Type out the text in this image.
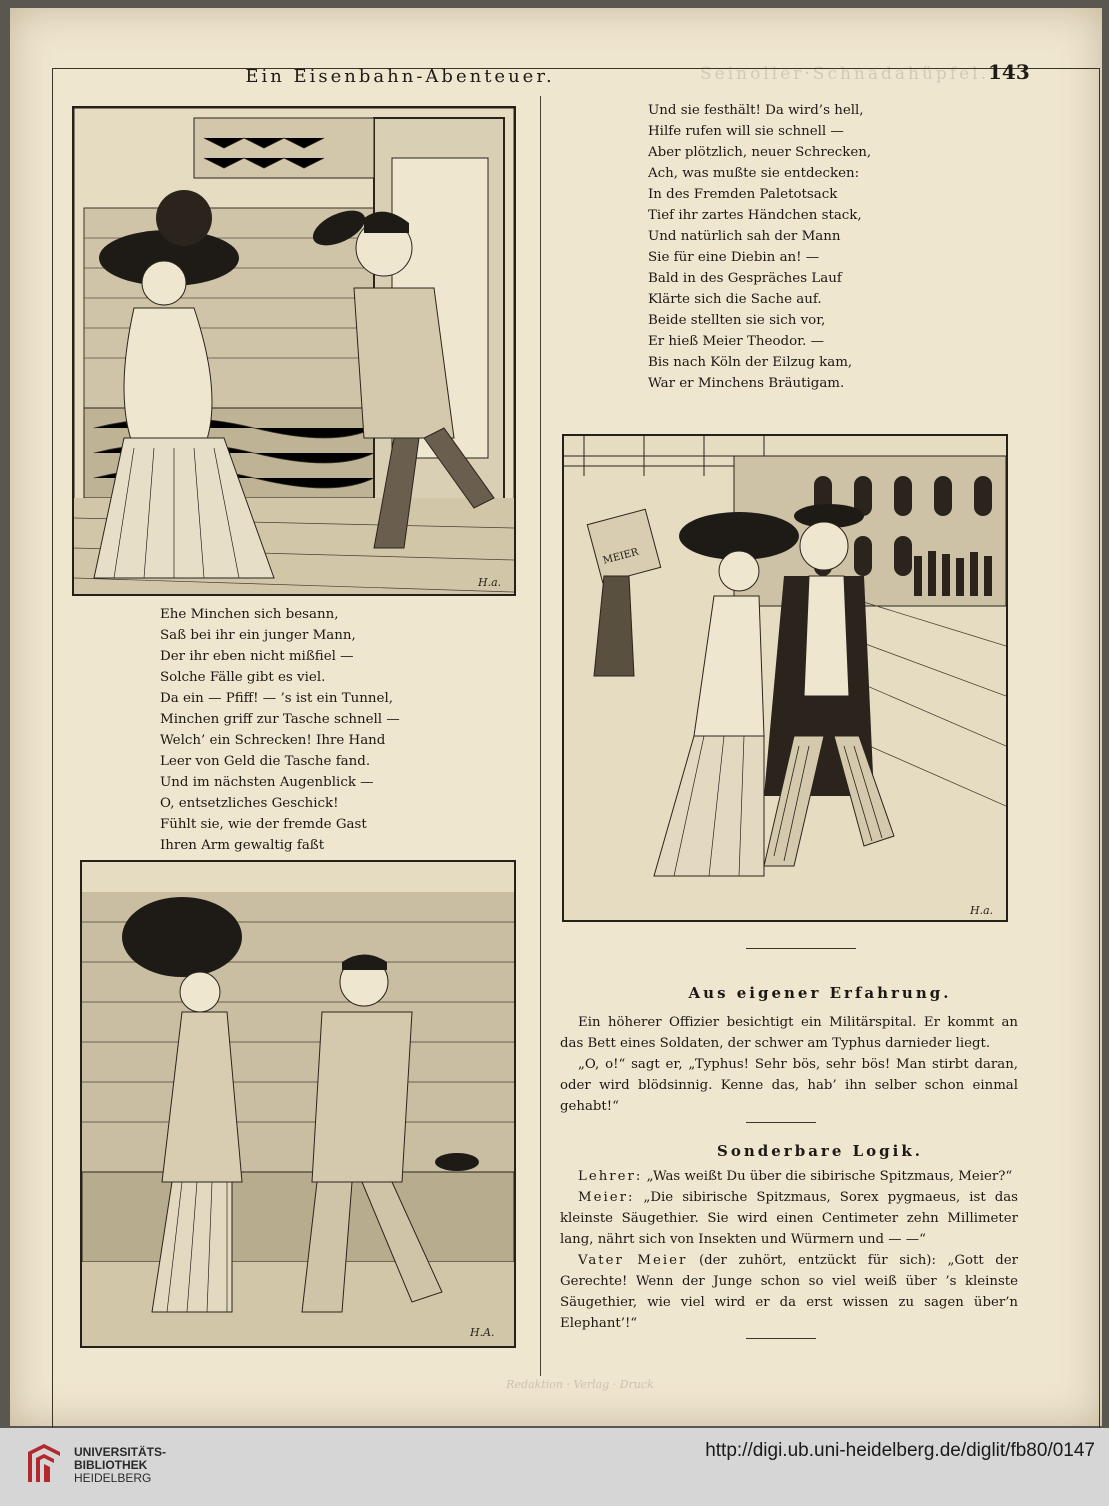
Seinoller·Schnadahüpfel.
Ein Eisenbahn-Abenteuer.	143
H.a.
MEIER
H.a.
H.A.
Ehe Minchen sich besann,
Saß bei ihr ein junger Mann,
Der ihr eben nicht mißfiel —
Solche Fälle gibt es viel.
Da ein — Pfiff! — ’s ist ein Tunnel,
Minchen griff zur Tasche schnell —
Welch’ ein Schrecken! Ihre Hand
Leer von Geld die Tasche fand.
Und im nächsten Augenblick —
O, entsetzliches Geschick!
Fühlt sie, wie der fremde Gast
Ihren Arm gewaltig faßt
Und sie festhält! Da wird’s hell,
Hilfe rufen will sie schnell —
Aber plötzlich, neuer Schrecken,
Ach, was mußte sie entdecken:
In des Fremden Paletotsack
Tief ihr zartes Händchen stack,
Und natürlich sah der Mann
Sie für eine Diebin an! —
Bald in des Gespräches Lauf
Klärte sich die Sache auf.
Beide stellten sie sich vor,
Er hieß Meier Theodor. —
Bis nach Köln der Eilzug kam,
War er Minchens Bräutigam.
Aus eigener Erfahrung.

Ein höherer Offizier besichtigt ein Militärspital. Er kommt an das Bett eines Soldaten, der schwer am Typhus darnieder liegt.

„O, o!“ sagt er, „Typhus! Sehr bös, sehr bös! Man stirbt daran, oder wird blödsinnig. Kenne das, hab’ ihn selber schon einmal gehabt!“

Sonderbare Logik.

Lehrer: „Was weißt Du über die sibirische Spitzmaus, Meier?“

Meier: „Die sibirische Spitzmaus, Sorex pygmaeus, ist das kleinste Säugethier. Sie wird einen Centimeter zehn Millimeter lang, nährt sich von Insekten und Würmern und — —“

Vater Meier (der zuhört, entzückt für sich): „Gott der Gerechte! Wenn der Junge schon so viel weiß über ’s kleinste Säugethier, wie viel wird er da erst wissen zu sagen über’n Elephant’!“

Redaktion · Verlag · Druck
UNIVERSITÄTS-
BIBLIOTHEK
HEIDELBERG
http://digi.ub.uni-heidelberg.de/diglit/fb80/0147
